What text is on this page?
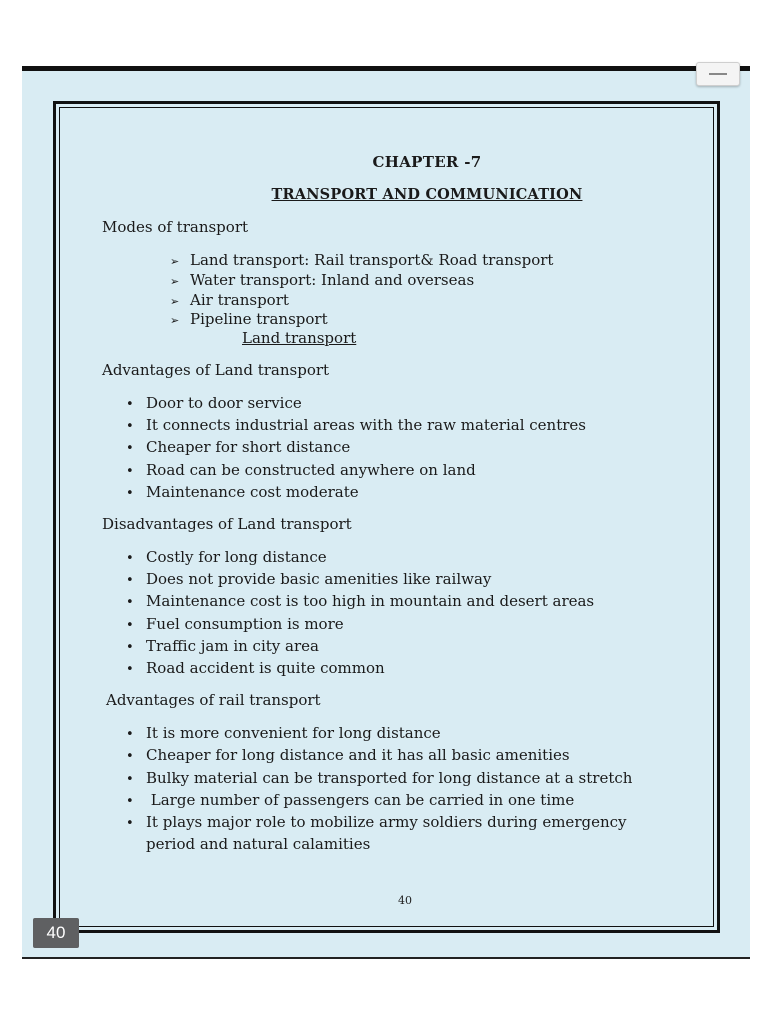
CHAPTER -7
TRANSPORT AND COMMUNICATION
Modes of transport
➢ Land transport: Rail transport& Road transport
➢ Water transport: Inland and overseas
➢ Air transport
➢ Pipeline transport
Land transport
Advantages of Land transport
• Door to door service
• It connects industrial areas with the raw material centres
• Cheaper for short distance
• Road can be constructed anywhere on land
• Maintenance cost moderate
Disadvantages of Land transport
• Costly for long distance
• Does not provide basic amenities like railway
• Maintenance cost is too high in mountain and desert areas
• Fuel consumption is more
• Traffic jam in city area
• Road accident is quite common
Advantages of rail transport
• It is more convenient for long distance
• Cheaper for long distance and it has all basic amenities
• Bulky material can be transported for long distance at a stretch
• Large number of passengers can be carried in one time
• It plays major role to mobilize army soldiers during emergency
period and natural calamities
40
40
